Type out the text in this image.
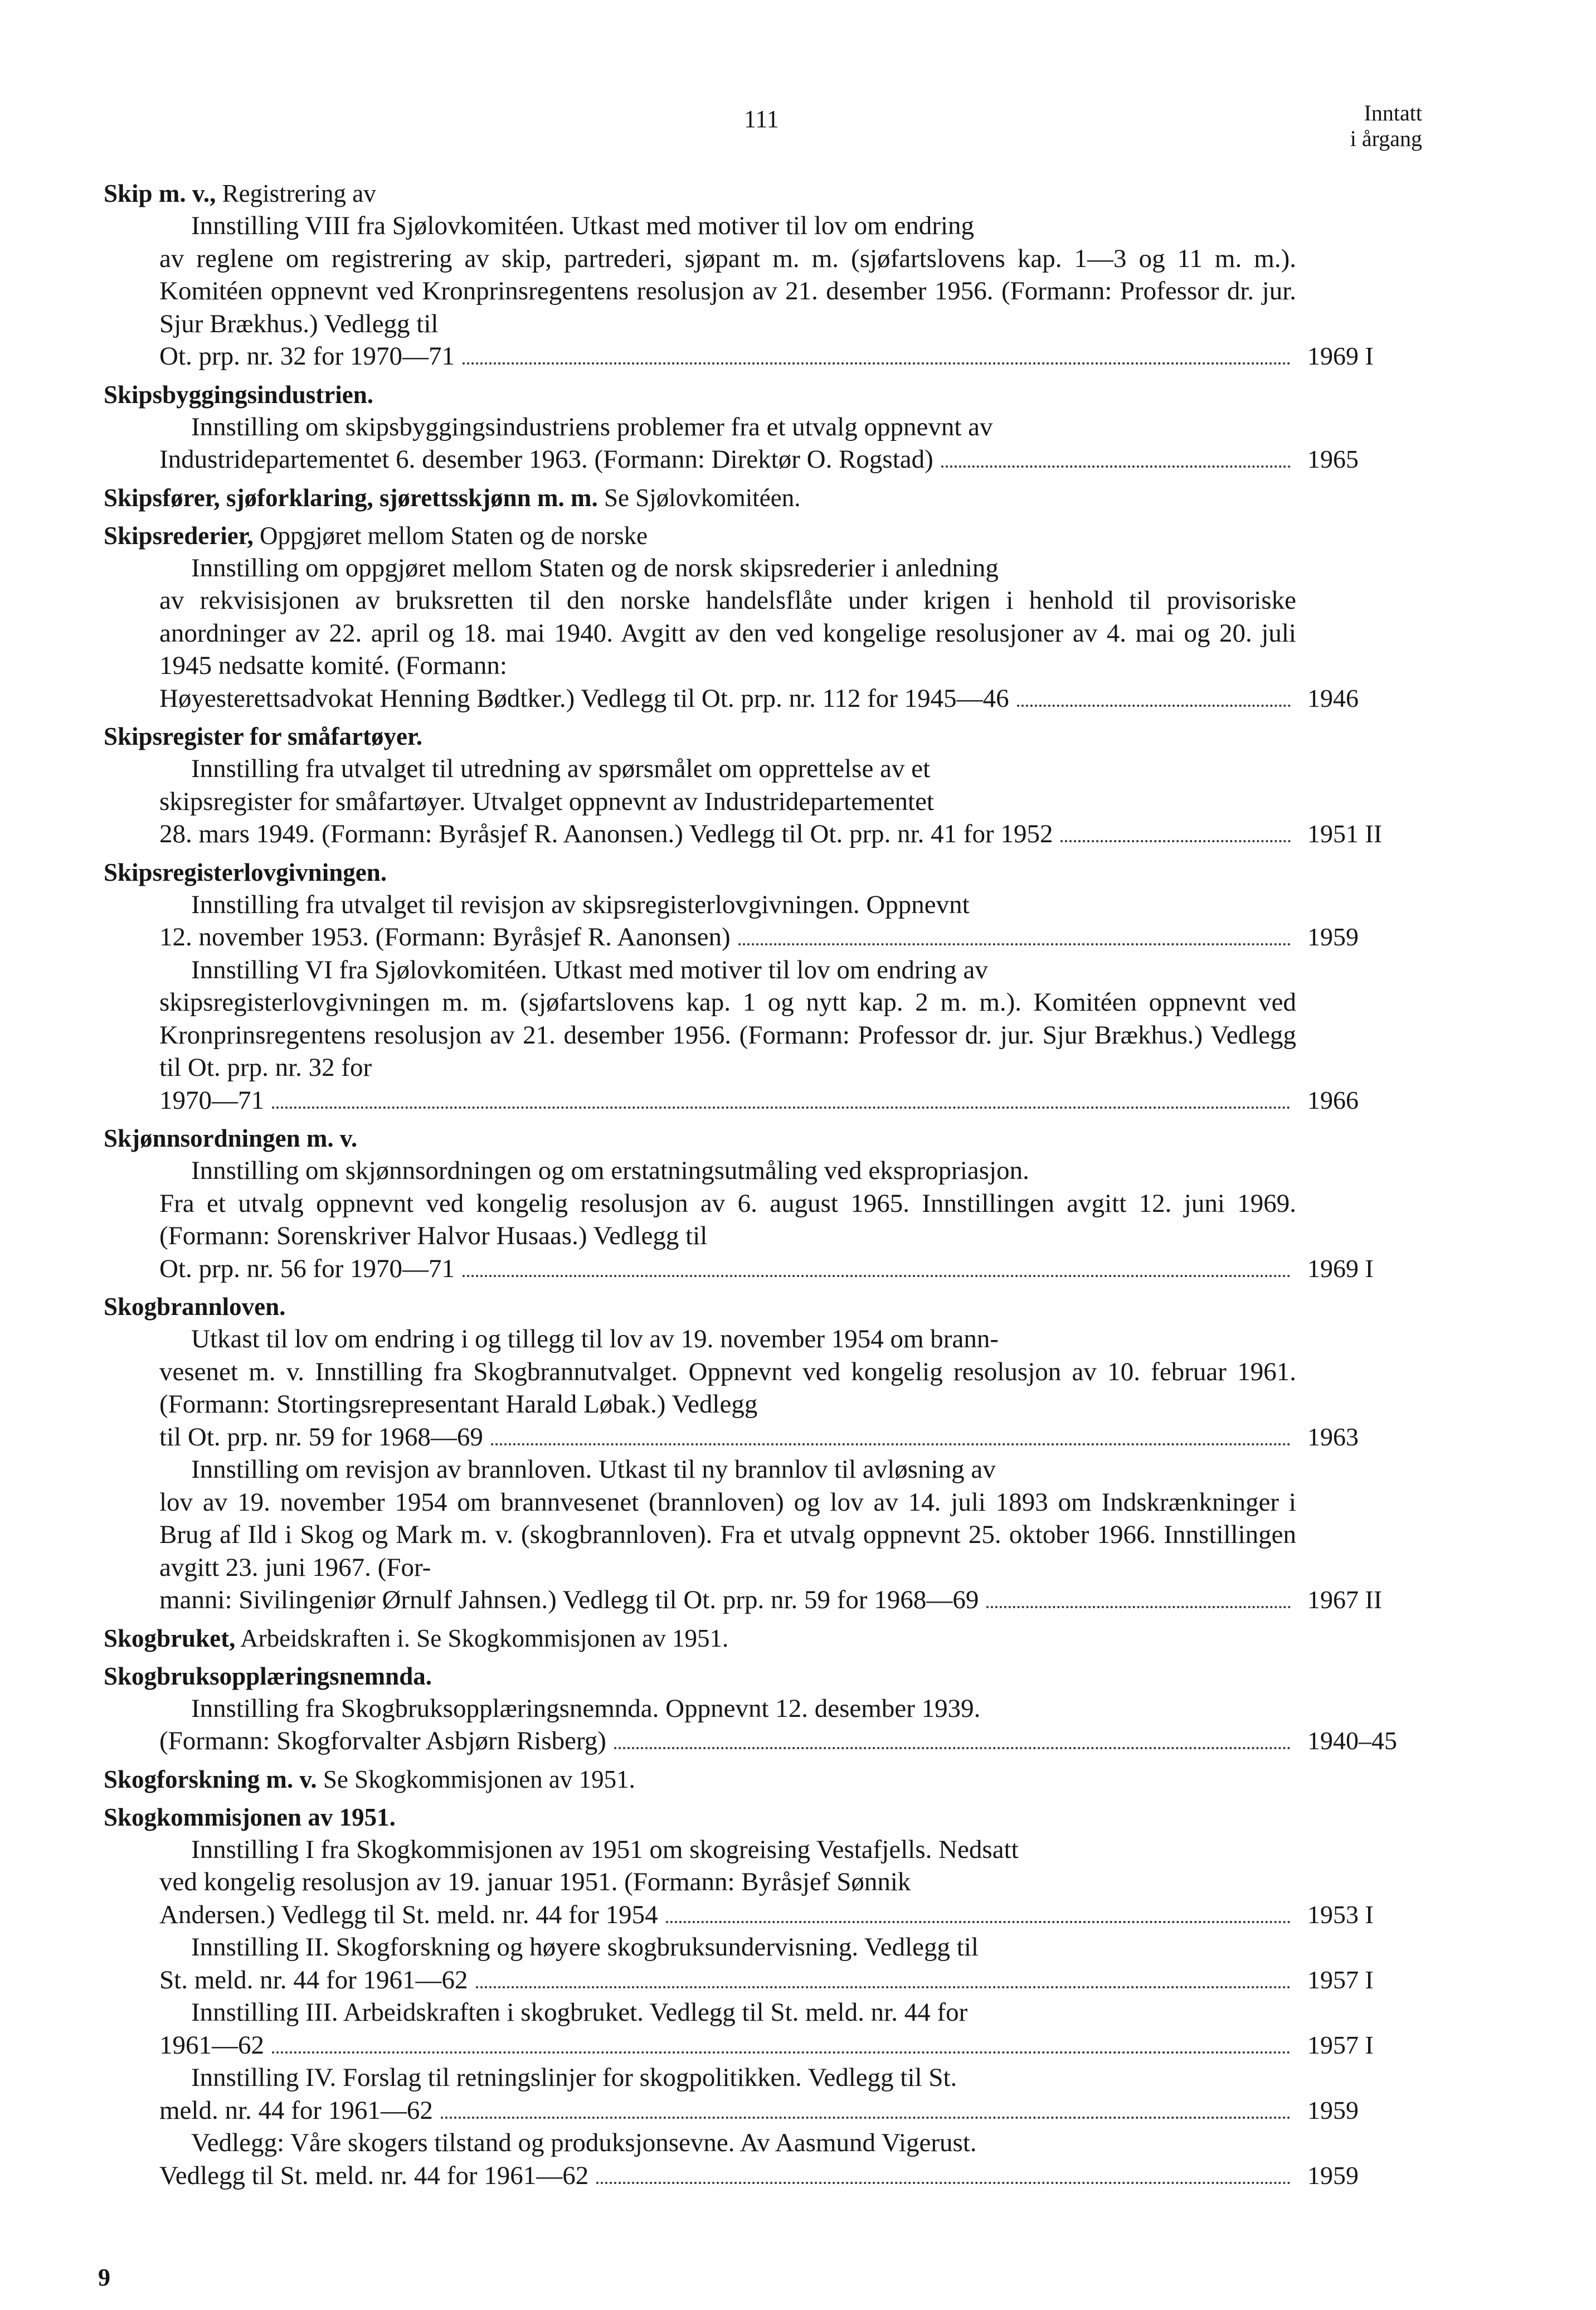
111	Inntatt
i årgang
Skip m. v., Registrering av
Innstilling VIII fra Sjølovkomitéen. Utkast med motiver til lov om endring
av reglene om registrering av skip, partrederi, sjøpant m. m. (sjøfartslovens kap. 1—3 og 11 m. m.). Komitéen oppnevnt ved Kronprinsregentens resolusjon av 21. desember 1956. (Formann: Professor dr. jur. Sjur Brækhus.) Vedlegg til
Ot. prp. nr. 32 for 1970—71	1969 I
Skipsbyggingsindustrien.
Innstilling om skipsbyggingsindustriens problemer fra et utvalg oppnevnt av
Industridepartementet 6. desember 1963. (Formann: Direktør O. Rogstad)	1965
Skipsfører, sjøforklaring, sjørettsskjønn m. m. Se Sjølovkomitéen.
Skipsrederier, Oppgjøret mellom Staten og de norske
Innstilling om oppgjøret mellom Staten og de norsk skipsrederier i anledning
av rekvisisjonen av bruksretten til den norske handelsflåte under krigen i henhold til provisoriske anordninger av 22. april og 18. mai 1940. Avgitt av den ved kongelige resolusjoner av 4. mai og 20. juli 1945 nedsatte komité. (Formann:
Høyesterettsadvokat Henning Bødtker.) Vedlegg til Ot. prp. nr. 112 for 1945—46	1946
Skipsregister for småfartøyer.
Innstilling fra utvalget til utredning av spørsmålet om opprettelse av et
skipsregister for småfartøyer. Utvalget oppnevnt av Industridepartementet
28. mars 1949. (Formann: Byråsjef R. Aanonsen.) Vedlegg til Ot. prp. nr. 41 for 1952	1951 II
Skipsregisterlovgivningen.
Innstilling fra utvalget til revisjon av skipsregisterlovgivningen. Oppnevnt
12. november 1953. (Formann: Byråsjef R. Aanonsen)	1959
Innstilling VI fra Sjølovkomitéen. Utkast med motiver til lov om endring av
skipsregisterlovgivningen m. m. (sjøfartslovens kap. 1 og nytt kap. 2 m. m.). Komitéen oppnevnt ved Kronprinsregentens resolusjon av 21. desember 1956. (Formann: Professor dr. jur. Sjur Brækhus.) Vedlegg til Ot. prp. nr. 32 for
1970—71	1966
Skjønnsordningen m. v.
Innstilling om skjønnsordningen og om erstatningsutmåling ved ekspropriasjon.
Fra et utvalg oppnevnt ved kongelig resolusjon av 6. august 1965. Innstillingen avgitt 12. juni 1969. (Formann: Sorenskriver Halvor Husaas.) Vedlegg til
Ot. prp. nr. 56 for 1970—71	1969 I
Skogbrannloven.
Utkast til lov om endring i og tillegg til lov av 19. november 1954 om brann-
vesenet m. v. Innstilling fra Skogbrannutvalget. Oppnevnt ved kongelig resolusjon av 10. februar 1961. (Formann: Stortingsrepresentant Harald Løbak.) Vedlegg
til Ot. prp. nr. 59 for 1968—69	1963
Innstilling om revisjon av brannloven. Utkast til ny brannlov til avløsning av
lov av 19. november 1954 om brannvesenet (brannloven) og lov av 14. juli 1893 om Indskrænkninger i Brug af Ild i Skog og Mark m. v. (skogbrannloven). Fra et utvalg oppnevnt 25. oktober 1966. Innstillingen avgitt 23. juni 1967. (For-
manni: Sivilingeniør Ørnulf Jahnsen.) Vedlegg til Ot. prp. nr. 59 for 1968—69	1967 II
Skogbruket, Arbeidskraften i. Se Skogkommisjonen av 1951.
Skogbruksopplæringsnemnda.
Innstilling fra Skogbruksopplæringsnemnda. Oppnevnt 12. desember 1939.
(Formann: Skogforvalter Asbjørn Risberg)	1940–45
Skogforskning m. v. Se Skogkommisjonen av 1951.
Skogkommisjonen av 1951.
Innstilling I fra Skogkommisjonen av 1951 om skogreising Vestafjells. Nedsatt
ved kongelig resolusjon av 19. januar 1951. (Formann: Byråsjef Sønnik
Andersen.) Vedlegg til St. meld. nr. 44 for 1954	1953 I
Innstilling II. Skogforskning og høyere skogbruksundervisning. Vedlegg til
St. meld. nr. 44 for 1961—62	1957 I
Innstilling III. Arbeidskraften i skogbruket. Vedlegg til St. meld. nr. 44 for
1961—62	1957 I
Innstilling IV. Forslag til retningslinjer for skogpolitikken. Vedlegg til St.
meld. nr. 44 for 1961—62	1959
Vedlegg: Våre skogers tilstand og produksjonsevne. Av Aasmund Vigerust.
Vedlegg til St. meld. nr. 44 for 1961—62	1959
9
